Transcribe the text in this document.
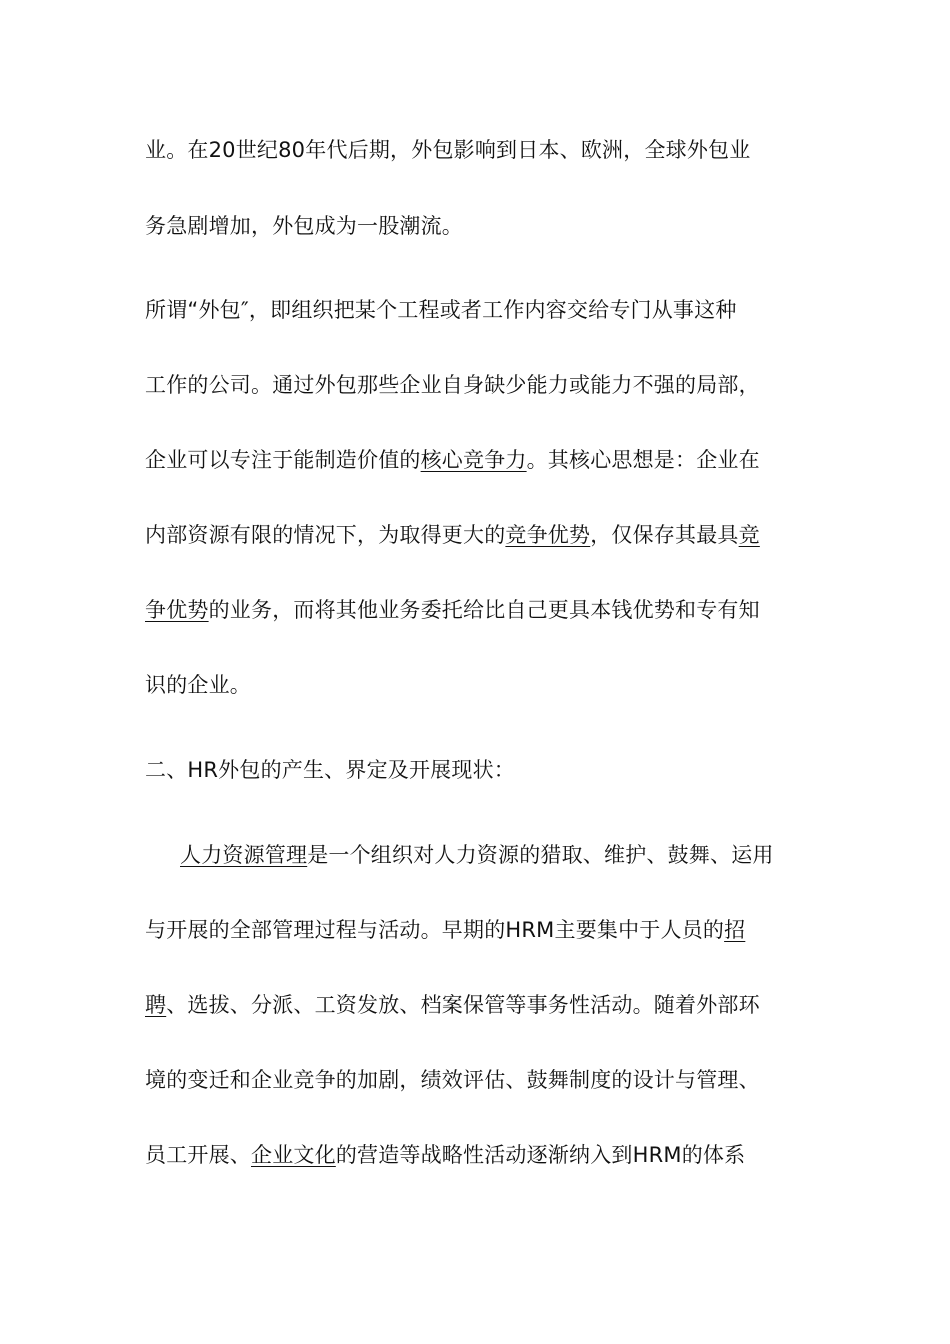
业。在20世纪80年代后期，外包影响到日本、欧洲，全球外包业
务急剧增加，外包成为一股潮流。
所谓“外包″，即组织把某个工程或者工作内容交给专门从事这种
工作的公司。通过外包那些企业自身缺少能力或能力不强的局部，
企业可以专注于能制造价值的核心竞争力。其核心思想是：企业在
内部资源有限的情况下，为取得更大的竞争优势，仅保存其最具竞
争优势的业务，而将其他业务委托给比自己更具本钱优势和专有知
识的企业。
二、HR外包的产生、界定及开展现状：
人力资源管理是一个组织对人力资源的猎取、维护、鼓舞、运用
与开展的全部管理过程与活动。早期的HRM主要集中于人员的招
聘、选拔、分派、工资发放、档案保管等事务性活动。随着外部环
境的变迁和企业竞争的加剧，绩效评估、鼓舞制度的设计与管理、
员工开展、企业文化的营造等战略性活动逐渐纳入到HRM的体系
